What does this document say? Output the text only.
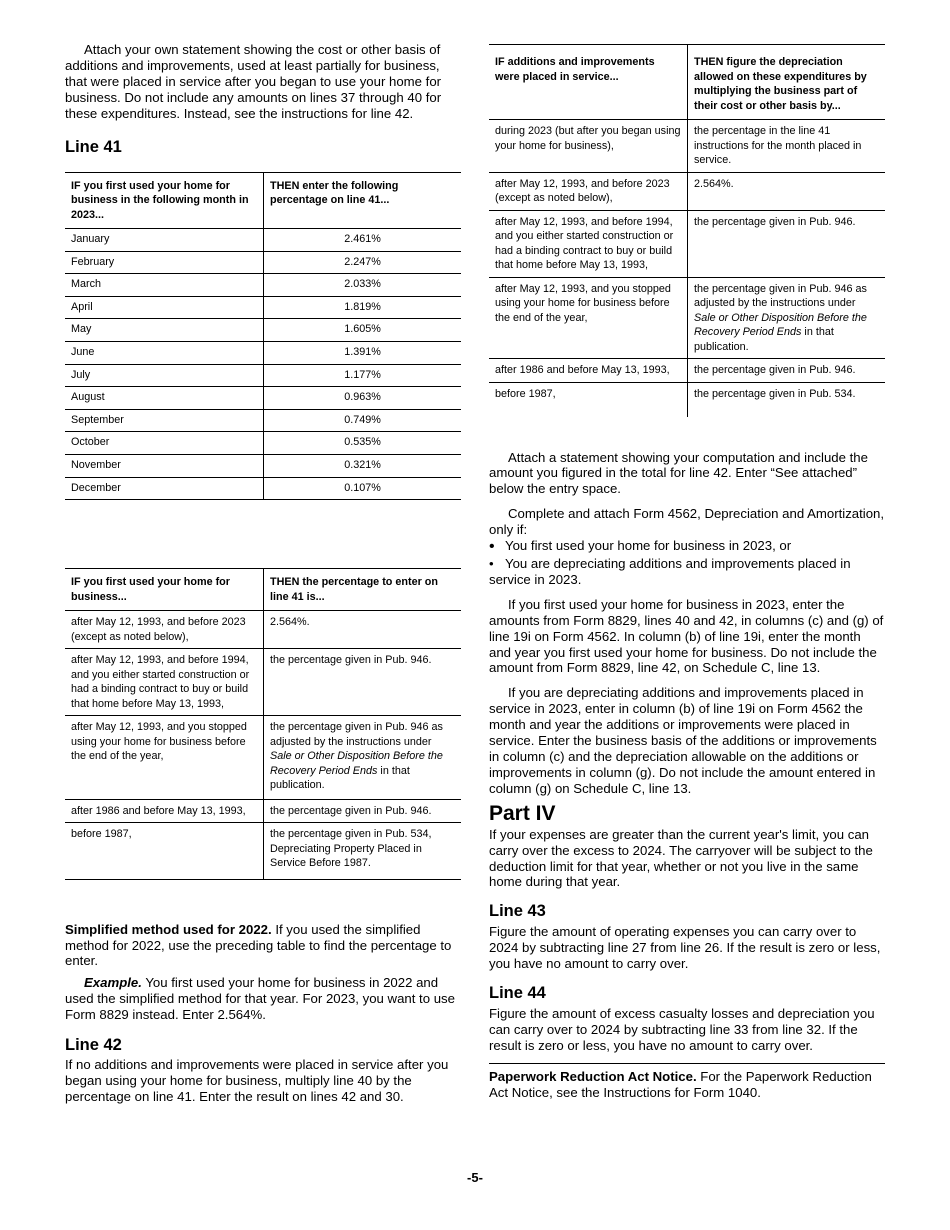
Attach your own statement showing the cost or other basis of additions and improvements, used at least partially for business, that were placed in service after you began to use your home for business. Do not include any amounts on lines 37 through 40 for these expenditures. Instead, see the instructions for line 42.

Line 41
IF you first used your home for business in the following month in 2023...	THEN enter the following percentage on line 41...
January	2.461%
February	2.247%
March	2.033%
April	1.819%
May	1.605%
June	1.391%
July	1.177%
August	0.963%
September	0.749%
October	0.535%
November	0.321%
December	0.107%
IF you first used your home for business...	THEN the percentage to enter on line 41 is...
after May 12, 1993, and before 2023 (except as noted below),	2.564%.
after May 12, 1993, and before 1994, and you either started construction or had a binding contract to buy or build that home before May 13, 1993,	the percentage given in Pub. 946.
after May 12, 1993, and you stopped using your home for business before the end of the year,	the percentage given in Pub. 946 as adjusted by the instructions under Sale or Other Disposition Before the Recovery Period Ends in that publication.
after 1986 and before May 13, 1993,	the percentage given in Pub. 946.
before 1987,	the percentage given in Pub. 534, Depreciating Property Placed in Service Before 1987.

Simplified method used for 2022. If you used the simplified method for 2022, use the preceding table to find the percentage to enter.

Example. You first used your home for business in 2022 and used the simplified method for that year. For 2023, you want to use Form 8829 instead. Enter 2.564%.

Line 42

If no additions and improvements were placed in service after you began using your home for business, multiply line 40 by the percentage on line 41. Enter the result on lines 42 and 30.

IF additions and improvements were placed in service...	THEN figure the depreciation allowed on these expenditures by multiplying the business part of their cost or other basis by...
during 2023 (but after you began using your home for business),	the percentage in the line 41 instructions for the month placed in service.
after May 12, 1993, and before 2023 (except as noted below),	2.564%.
after May 12, 1993, and before 1994, and you either started construction or had a binding contract to buy or build that home before May 13, 1993,	the percentage given in Pub. 946.
after May 12, 1993, and you stopped using your home for business before the end of the year,	the percentage given in Pub. 946 as adjusted by the instructions under Sale or Other Disposition Before the Recovery Period Ends in that publication.
after 1986 and before May 13, 1993,	the percentage given in Pub. 946.
before 1987,	the percentage given in Pub. 534.

Attach a statement showing your computation and include the amount you figured in the total for line 42. Enter “See attached” below the entry space.

Complete and attach Form 4562, Depreciation and Amortization, only if:

• You first used your home for business in 2023, or

• You are depreciating additions and improvements placed in service in 2023.

If you first used your home for business in 2023, enter the amounts from Form 8829, lines 40 and 42, in columns (c) and (g) of line 19i on Form 4562. In column (b) of line 19i, enter the month and year you first used your home for business. Do not include the amount from Form 8829, line 42, on Schedule C, line 13.

If you are depreciating additions and improvements placed in service in 2023, enter in column (b) of line 19i on Form 4562 the month and year the additions or improvements were placed in service. Enter the business basis of the additions or improvements in column (c) and the depreciation allowable on the additions or improvements in column (g). Do not include the amount entered in column (g) on Schedule C, line 13.

Part IV

If your expenses are greater than the current year's limit, you can carry over the excess to 2024. The carryover will be subject to the deduction limit for that year, whether or not you live in the same home during that year.

Line 43

Figure the amount of operating expenses you can carry over to 2024 by subtracting line 27 from line 26. If the result is zero or less, you have no amount to carry over.

Line 44

Figure the amount of excess casualty losses and depreciation you can carry over to 2024 by subtracting line 33 from line 32. If the result is zero or less, you have no amount to carry over.

Paperwork Reduction Act Notice. For the Paperwork Reduction Act Notice, see the Instructions for Form 1040.

-5-
